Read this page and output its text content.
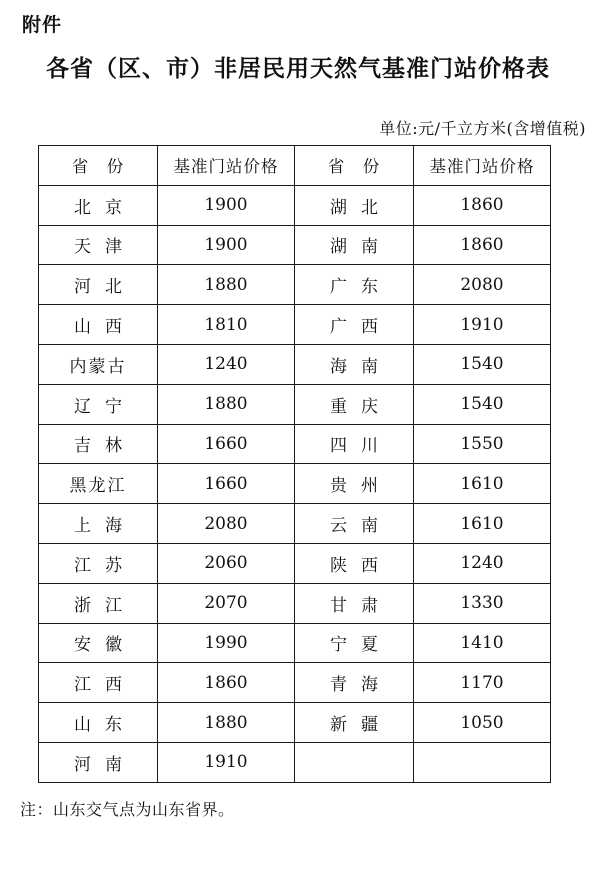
附件
各省（区、市）非居民用天然气基准门站价格表
单位:元/千立方米(含增值税)
省　份	基准门站价格	省　份	基准门站价格
北京	1900	湖北	1860
天津	1900	湖南	1860
河北	1880	广东	2080
山西	1810	广西	1910
内蒙古	1240	海南	1540
辽宁	1880	重庆	1540
吉林	1660	四川	1550
黑龙江	1660	贵州	1610
上海	2080	云南	1610
江苏	2060	陕西	1240
浙江	2070	甘肃	1330
安徽	1990	宁夏	1410
江西	1860	青海	1170
山东	1880	新疆	1050
河南	1910		
注：山东交气点为山东省界。
